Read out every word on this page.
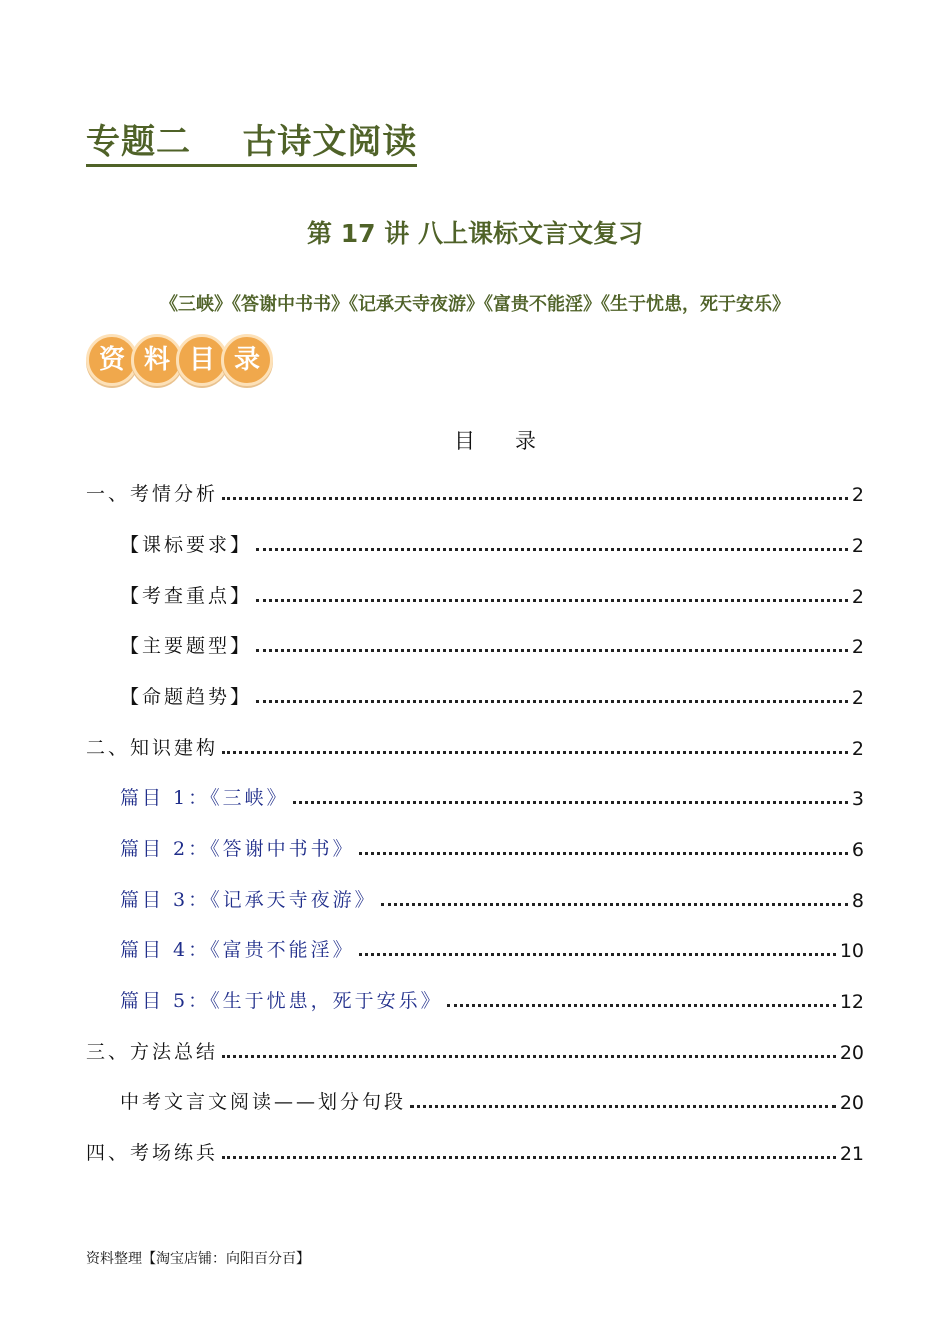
专题二    古诗文阅读
第 17 讲 八上课标文言文复习
《三峡》《答谢中书书》《记承天寺夜游》《富贵不能淫》《生于忧患，死于安乐》
资 料 目 录
目录
一、考情分析	2
【课标要求】	2
【考查重点】	2
【主要题型】	2
【命题趋势】	2
二、知识建构	2
篇目 1：《三峡》	3
篇目 2：《答谢中书书》	6
篇目 3：《记承天寺夜游》	8
篇目 4：《富贵不能淫》	10
篇目 5：《生于忧患，死于安乐》	12
三、方法总结	20
中考文言文阅读——划分句段	20
四、考场练兵	21
资料整理【淘宝店铺：向阳百分百】
